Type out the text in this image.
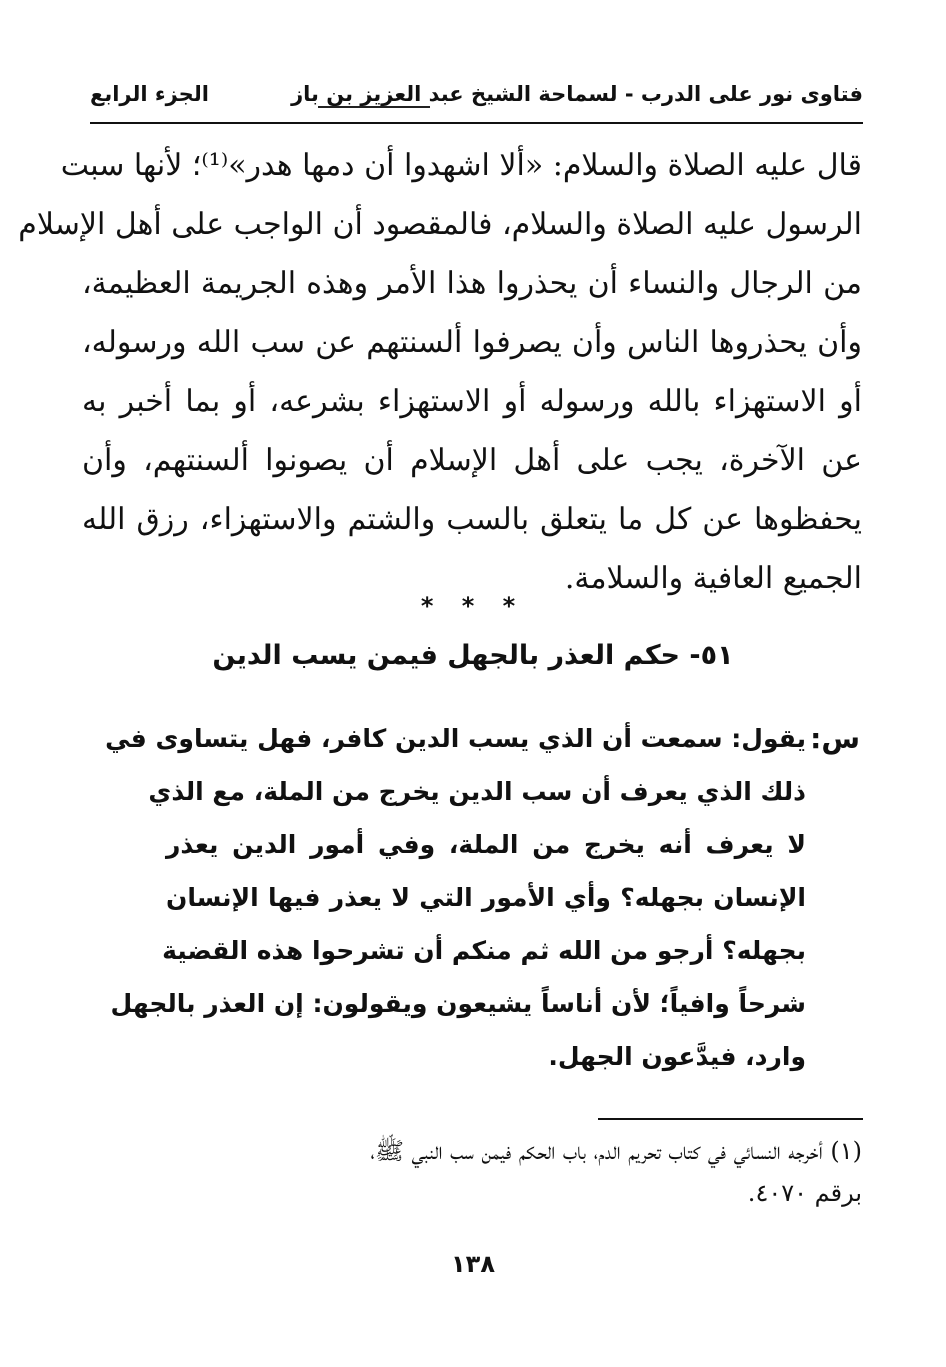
فتاوى نور على الدرب - لسماحة الشيخ عبد العزيز بن باز
الجزء الرابع
قال عليه الصلاة والسلام: «ألا اشهدوا أن دمها هدر»⁽¹⁾؛ لأنها سبت
الرسول عليه الصلاة والسلام، فالمقصود أن الواجب على أهل الإسلام
من الرجال والنساء أن يحذروا هذا الأمر وهذه الجريمة العظيمة،
وأن يحذروها الناس وأن يصرفوا ألسنتهم عن سب الله ورسوله،
أو الاستهزاء بالله ورسوله أو الاستهزاء بشرعه، أو بما أخبر به
عن الآخرة، يجب على أهل الإسلام أن يصونوا ألسنتهم، وأن
يحفظوها عن كل ما يتعلق بالسب والشتم والاستهزاء، رزق الله
الجميع العافية والسلامة.
* * *
٥١- حكم العذر بالجهل فيمن يسب الدين
س:
يقول: سمعت أن الذي يسب الدين كافر، فهل يتساوى في
ذلك الذي يعرف أن سب الدين يخرج من الملة، مع الذي
لا يعرف أنه يخرج من الملة، وفي أمور الدين يعذر
الإنسان بجهله؟ وأي الأمور التي لا يعذر فيها الإنسان
بجهله؟ أرجو من الله ثم منكم أن تشرحوا هذه القضية
شرحاً وافياً؛ لأن أناساً يشيعون ويقولون: إن العذر بالجهل
وارد، فيدَّعون الجهل.
(١) أخرجه النسائي في كتاب تحريم الدم، باب الحكم فيمن سب النبي ﷺ،
برقم ٤٠٧٠.
١٣٨
